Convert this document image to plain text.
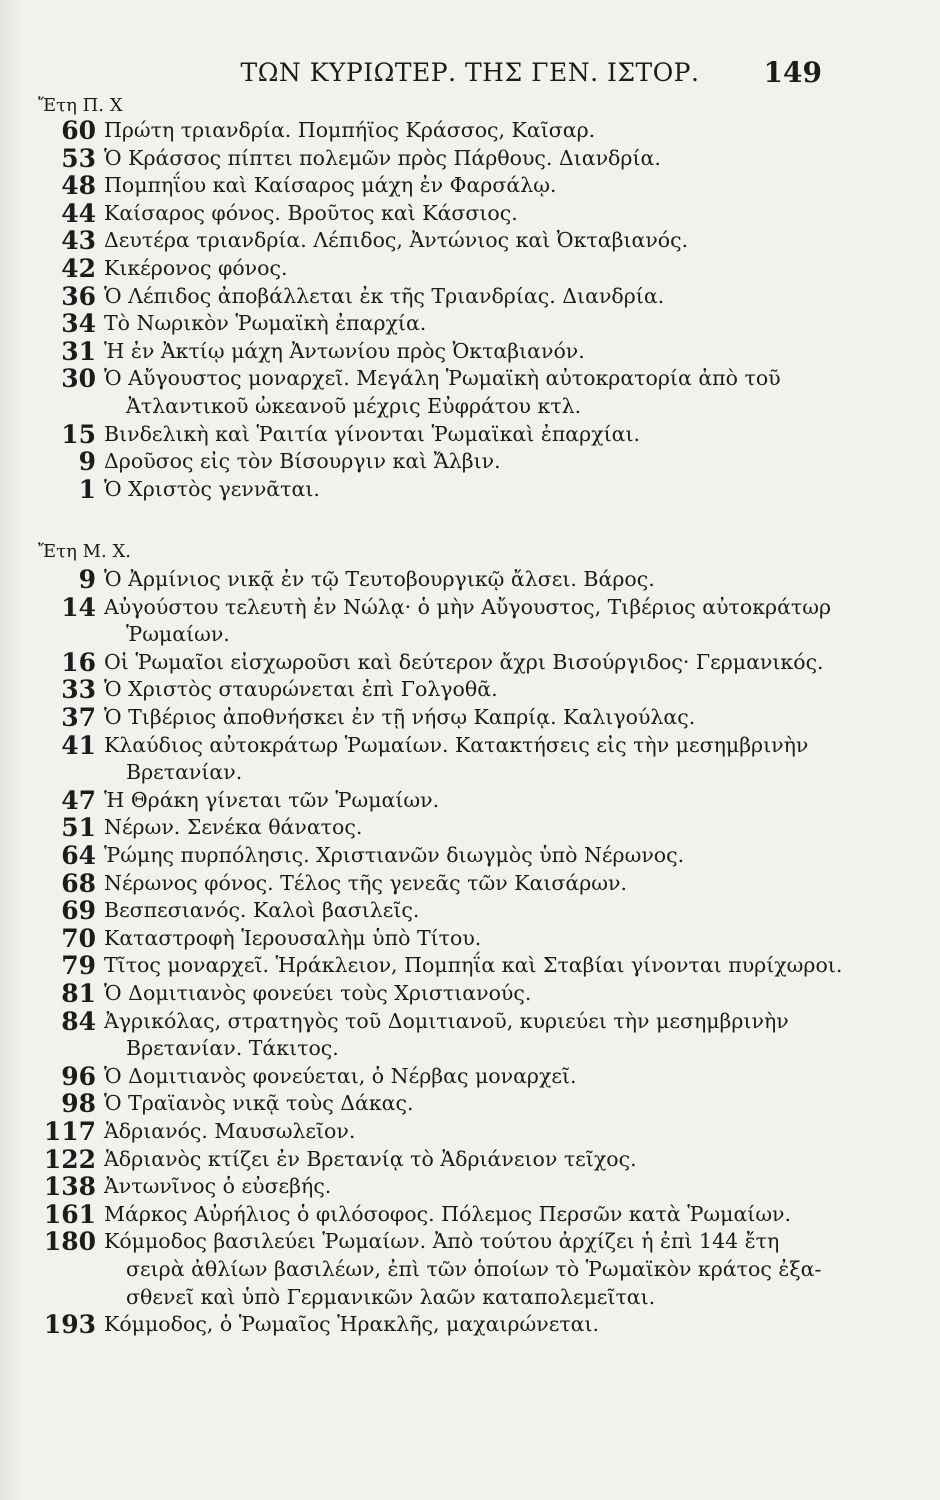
ΤΩΝ ΚΥΡΙΩΤΕΡ. ΤΗΣ ΓΕΝ. ΙΣΤΟΡ.	149
Ἔτη Π. Χ
60 Πρώτη τριανδρία. Πομπήϊος Κράσσος, Καῖσαρ.
53 Ὁ Κράσσος πίπτει πολεμῶν πρὸς Πάρθους. Διανδρία.
48 Πομπηΐου καὶ Καίσαρος μάχη ἐν Φαρσάλῳ.
44 Καίσαρος φόνος. Βροῦτος καὶ Κάσσιος.
43 Δευτέρα τριανδρία. Λέπιδος, Ἀντώνιος καὶ Ὀκταβιανός.
42 Κικέρονος φόνος.
36 Ὁ Λέπιδος ἀποβάλλεται ἐκ τῆς Τριανδρίας. Διανδρία.
34 Τὸ Νωρικὸν Ῥωμαϊκὴ ἐπαρχία.
31 Ἡ ἐν Ἀκτίῳ μάχη Ἀντωνίου πρὸς Ὀκταβιανόν.
30 Ὁ Αὔγουστος μοναρχεῖ. Μεγάλη Ῥωμαϊκὴ αὐτοκρατορία ἀπὸ τοῦ
Ἀτλαντικοῦ ὠκεανοῦ μέχρις Εὐφράτου κτλ.
15 Βινδελικὴ καὶ Ῥαιτία γίνονται Ῥωμαϊκαὶ ἐπαρχίαι.
9 Δροῦσος εἰς τὸν Βίσουργιν καὶ Ἄλβιν.
1 Ὁ Χριστὸς γεννᾶται.
Ἔτη Μ. Χ.
9 Ὁ Ἀρμίνιος νικᾷ ἐν τῷ Τευτοβουργικῷ ἄλσει. Βάρος.
14 Αὐγούστου τελευτὴ ἐν Νώλᾳ· ὁ μὴν Αὔγουστος, Τιβέριος αὐτοκράτωρ
Ῥωμαίων.
16 Οἱ Ῥωμαῖοι εἰσχωροῦσι καὶ δεύτερον ἄχρι Βισούργιδος· Γερμανικός.
33 Ὁ Χριστὸς σταυρώνεται ἐπὶ Γολγοθᾶ.
37 Ὁ Τιβέριος ἀποθνήσκει ἐν τῇ νήσῳ Καπρίᾳ. Καλιγούλας.
41 Κλαύδιος αὐτοκράτωρ Ῥωμαίων. Κατακτήσεις εἰς τὴν μεσημβρινὴν
Βρετανίαν.
47 Ἡ Θράκη γίνεται τῶν Ῥωμαίων.
51 Νέρων. Σενέκα θάνατος.
64 Ῥώμης πυρπόλησις. Χριστιανῶν διωγμὸς ὑπὸ Νέρωνος.
68 Νέρωνος φόνος. Τέλος τῆς γενεᾶς τῶν Καισάρων.
69 Βεσπεσιανός. Καλοὶ βασιλεῖς.
70 Καταστροφὴ Ἱερουσαλὴμ ὑπὸ Τίτου.
79 Τῖτος μοναρχεῖ. Ἡράκλειον, Πομπηΐα καὶ Σταβίαι γίνονται πυρίχωροι.
81 Ὁ Δομιτιανὸς φονεύει τοὺς Χριστιανούς.
84 Ἀγρικόλας, στρατηγὸς τοῦ Δομιτιανοῦ, κυριεύει τὴν μεσημβρινὴν
Βρετανίαν. Τάκιτος.
96 Ὁ Δομιτιανὸς φονεύεται, ὁ Νέρβας μοναρχεῖ.
98 Ὁ Τραϊανὸς νικᾷ τοὺς Δάκας.
117 Ἁδριανός. Μαυσωλεῖον.
122 Ἁδριανὸς κτίζει ἐν Βρετανίᾳ τὸ Ἁδριάνειον τεῖχος.
138 Ἀντωνῖνος ὁ εὐσεβής.
161 Μάρκος Αὐρήλιος ὁ φιλόσοφος. Πόλεμος Περσῶν κατὰ Ῥωμαίων.
180 Κόμμοδος βασιλεύει Ῥωμαίων. Ἀπὸ τούτου ἀρχίζει ἡ ἐπὶ 144 ἔτη
σειρὰ ἀθλίων βασιλέων, ἐπὶ τῶν ὁποίων τὸ Ῥωμαϊκὸν κράτος ἐξα-
σθενεῖ καὶ ὑπὸ Γερμανικῶν λαῶν καταπολεμεῖται.
193 Κόμμοδος, ὁ Ῥωμαῖος Ἡρακλῆς, μαχαιρώνεται.
